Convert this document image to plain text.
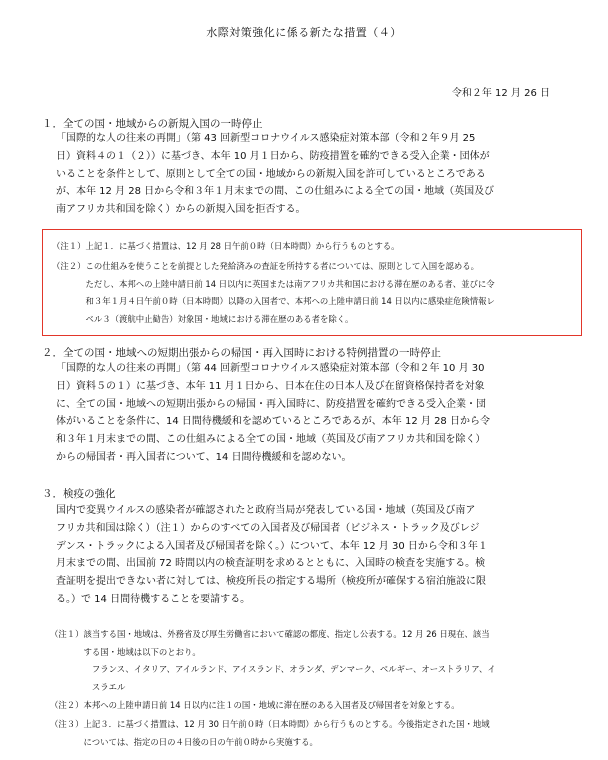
水際対策強化に係る新たな措置（４）
令和２年 12 月 26 日
１．全ての国・地域からの新規入国の一時停止
「国際的な人の往来の再開」（第 43 回新型コロナウイルス感染症対策本部（令和２年９月 25
日）資料４の１（２））に基づき、本年 10 月１日から、防疫措置を確約できる受入企業・団体が
いることを条件として、原則として全ての国・地域からの新規入国を許可しているところである
が、本年 12 月 28 日から令和３年１月末までの間、この仕組みによる全ての国・地域（英国及び
南アフリカ共和国を除く）からの新規入国を拒否する。
（注１）上記１．に基づく措置は、12 月 28 日午前０時（日本時間）から行うものとする。
（注２）この仕組みを使うことを前提とした発給済みの査証を所持する者については、原則として入国を認める。
　　　　ただし、本邦への上陸申請日前 14 日以内に英国または南アフリカ共和国における滞在歴のある者、並びに令
　　　　和３年１月４日午前０時（日本時間）以降の入国者で、本邦への上陸申請日前 14 日以内に感染症危険情報レ
　　　　ベル３（渡航中止勧告）対象国・地域における滞在歴のある者を除く。
２．全ての国・地域への短期出張からの帰国・再入国時における特例措置の一時停止
「国際的な人の往来の再開」（第 44 回新型コロナウイルス感染症対策本部（令和２年 10 月 30
日）資料５の１）に基づき、本年 11 月１日から、日本在住の日本人及び在留資格保持者を対象
に、全ての国・地域への短期出張からの帰国・再入国時に、防疫措置を確約できる受入企業・団
体がいることを条件に、14 日間待機緩和を認めているところであるが、本年 12 月 28 日から令
和３年１月末までの間、この仕組みによる全ての国・地域（英国及び南アフリカ共和国を除く）
からの帰国者・再入国者について、14 日間待機緩和を認めない。
３．検疫の強化
国内で変異ウイルスの感染者が確認されたと政府当局が発表している国・地域（英国及び南ア
フリカ共和国は除く）（注１）からのすべての入国者及び帰国者（ビジネス・トラック及びレジ
デンス・トラックによる入国者及び帰国者を除く。）について、本年 12 月 30 日から令和３年１
月末までの間、出国前 72 時間以内の検査証明を求めるとともに、入国時の検査を実施する。検
査証明を提出できない者に対しては、検疫所長の指定する場所（検疫所が確保する宿泊施設に限
る。）で 14 日間待機することを要請する。
（注１）該当する国・地域は、外務省及び厚生労働省において確認の都度、指定し公表する。12 月 26 日現在、該当
　　　　する国・地域は以下のとおり。
　　　　　フランス、イタリア、アイルランド、アイスランド、オランダ、デンマーク、ベルギー、オーストラリア、イ
　　　　　スラエル
（注２）本邦への上陸申請日前 14 日以内に注１の国・地域に滞在歴のある入国者及び帰国者を対象とする。
（注３）上記３．に基づく措置は、12 月 30 日午前０時（日本時間）から行うものとする。今後指定された国・地域
　　　　については、指定の日の４日後の日の午前０時から実施する。
